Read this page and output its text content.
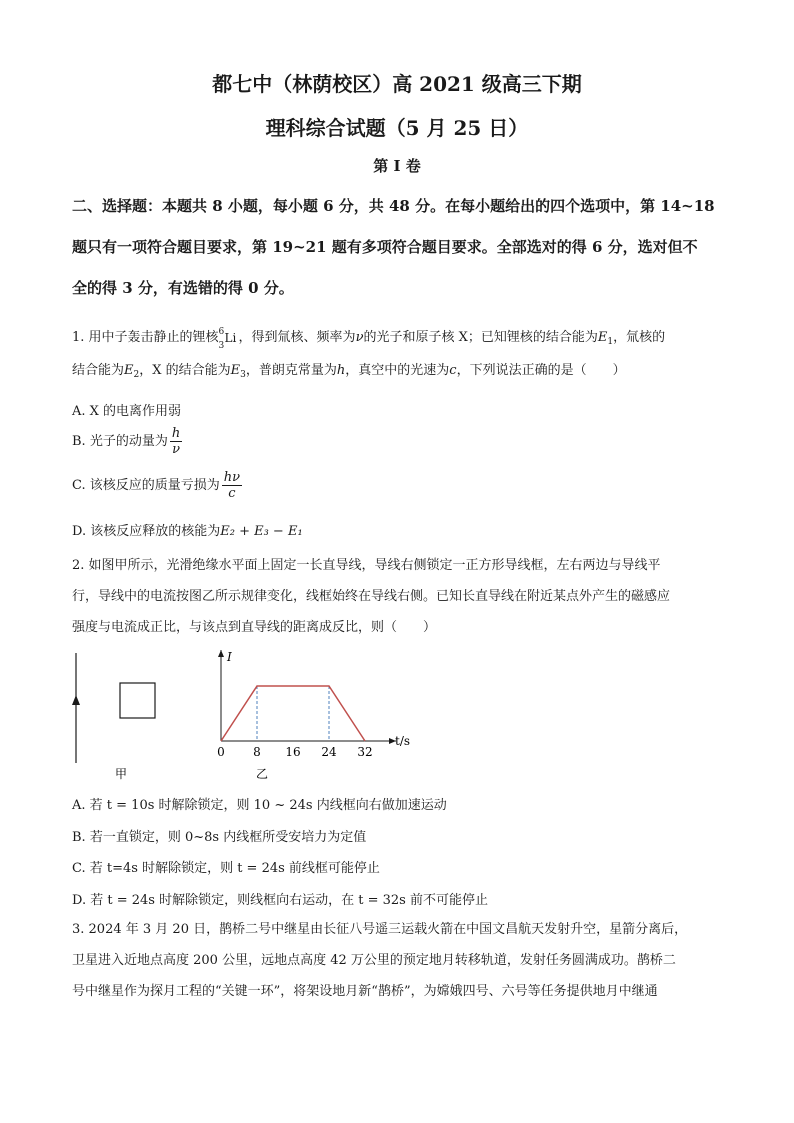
都七中（林荫校区）高 2021 级高三下期
理科综合试题（5 月 25 日）
第 I 卷
二、选择题：本题共 8 小题，每小题 6 分，共 48 分。在每小题给出的四个选项中，第 14~18
题只有一项符合题目要求，第 19~21 题有多项符合题目要求。全部选对的得 6 分，选对但不
全的得 3 分，有选错的得 0 分。
1. 用中子轰击静止的锂核 6
3
Li ，得到氚核、频率为ν的光子和原子核 X；已知锂核的结合能为$E_1$，氚核的
结合能为$E_2$，X 的结合能为$E_3$，普朗克常量为h，真空中的光速为c，下列说法正确的是（　　）
A. X 的电离作用弱
B. 光子的动量为 $\frac{h}{\nu}$
C. 该核反应的质量亏损为 $\frac{h\nu}{c}$
D. 该核反应释放的核能为E₂ + E₃ − E₁
2. 如图甲所示，光滑绝缘水平面上固定一长直导线，导线右侧锁定一正方形导线框，左右两边与导线平
行，导线中的电流按图乙所示规律变化，线框始终在导线右侧。已知长直导线在附近某点外产生的磁感应
强度与电流成正比，与该点到直导线的距离成反比，则（　　）
甲
I
t/s
0 8 16 24 32
乙
A. 若 t = 10s 时解除锁定，则 10 ~ 24s 内线框向右做加速运动
B. 若一直锁定，则 0~8s 内线框所受安培力为定值
C. 若 t=4s 时解除锁定，则 t = 24s 前线框可能停止
D. 若 t = 24s 时解除锁定，则线框向右运动，在 t = 32s 前不可能停止
3. 2024 年 3 月 20 日，鹊桥二号中继星由长征八号遥三运载火箭在中国文昌航天发射升空，星箭分离后，
卫星进入近地点高度 200 公里，远地点高度 42 万公里的预定地月转移轨道，发射任务圆满成功。鹊桥二
号中继星作为探月工程的“关键一环”，将架设地月新“鹊桥”，为嫦娥四号、六号等任务提供地月中继通
